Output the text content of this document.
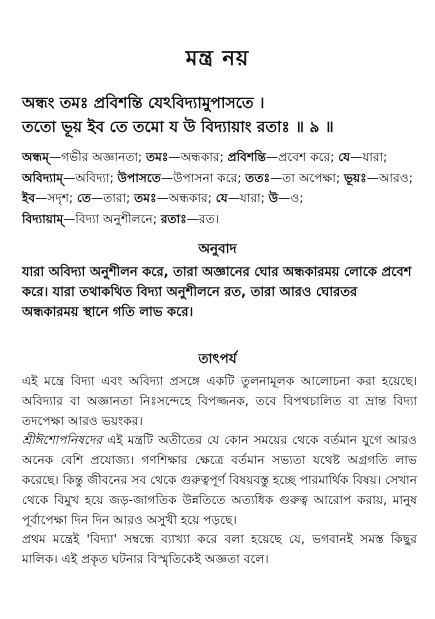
মন্ত্র নয়
অন্ধং তমঃ প্রবিশন্তি যেঽবিদ্যামুপাসতে ।
ততো ভূয় ইব তে তমো য উ বিদ্যায়াং রতাঃ ॥ ৯ ॥
অন্ধম্—গভীর অজ্ঞানতা; তমঃ—অন্ধকার; প্রবিশন্তি—প্রবেশ করে; যে—যারা; অবিদ্যাম্—অবিদ্যা; উপাসতে—উপাসনা করে; ততঃ—তা অপেক্ষা; ভূয়ঃ—আরও; ইব—সদৃশ; তে—তারা; তমঃ—অন্ধকার; যে—যারা; উ—ও; বিদ্যায়াম্—বিদ্যা অনুশীলনে; রতাঃ—রত।
অনুবাদ
যারা অবিদ্যা অনুশীলন করে, তারা অজ্ঞানের ঘোর অন্ধকারময় লোকে প্রবেশ করে। যারা তথাকথিত বিদ্যা অনুশীলনে রত, তারা আরও ঘোরতর অন্ধকারময় স্থানে গতি লাভ করে।
তাৎপর্য

এই মন্ত্রে বিদ্যা এবং অবিদ্যা প্রসঙ্গে একটি তুলনামূলক আলোচনা করা হয়েছে। অবিদ্যার বা অজ্ঞানতা নিঃসন্দেহে বিপজ্জনক, তবে বিপথচালিত বা ভ্রান্ত বিদ্যা তদপেক্ষা আরও ভয়ংকর।

শ্রীঈশোপনিষদের এই মন্ত্রটি অতীতের যে কোন সময়ের থেকে বর্তমান যুগে আরও অনেক বেশি প্রযোজ্য। গণশিক্ষার ক্ষেত্রে বর্তমান সভ্যতা যথেষ্ট অগ্রগতি লাভ করেছে। কিন্তু জীবনের সব থেকে গুরুত্বপূর্ণ বিষয়বস্তু হচ্ছে পারমার্থিক বিষয়। সেখান থেকে বিমুখ হয়ে জড়-জাগতিক উন্নতিতে অত্যধিক গুরুত্ব আরোপ করায়, মানুষ পূর্বাপেক্ষা দিন দিন আরও অসুখী হয়ে পড়ছে।

প্রথম মন্ত্রেই 'বিদ্যা' সম্বন্ধে ব্যাখ্যা করে বলা হয়েছে যে, ভগবানই সমস্ত কিছুর মালিক। এই প্রকৃত ঘটনার বিস্মৃতিকেই অজ্ঞতা বলে।
